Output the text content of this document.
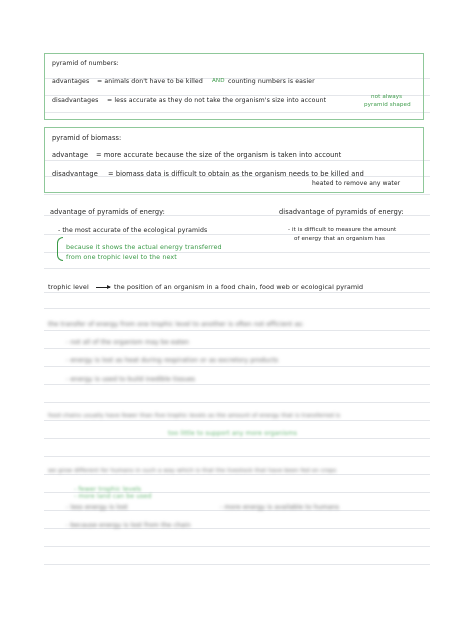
pyramid of numbers:
advantages = animals don't have to be killed AND counting numbers is easier
disadvantages = less accurate as they do not take the organism's size into account	not always
pyramid shaped
pyramid of biomass:
advantage = more accurate because the size of the organism is taken into account
disadvantage = biomass data is difficult to obtain as the organism needs to be killed and
heated to remove any water
advantage of pyramids of energy:
- the most accurate of the ecological pyramids
because it shows the actual energy transferred
from one trophic level to the next
disadvantage of pyramids of energy:
- it is difficult to measure the amount
of energy that an organism has
trophic level	the position of an organism in a food chain, food web or ecological pyramid
the transfer of energy from one trophic level to another is often not efficient as:
- not all of the organism may be eaten
- energy is lost as heat during respiration or as excretory products
- energy is used to build inedible tissues
food chains usually have fewer than five trophic levels as the amount of energy that is transferred is
too little to support any more organisms
we grow different for humans in such a way which is that the livestock that have been fed on crops
- fewer trophic levels
- more land can be used
- less energy is lost	- more energy is available to humans
- because energy is lost from the chain
